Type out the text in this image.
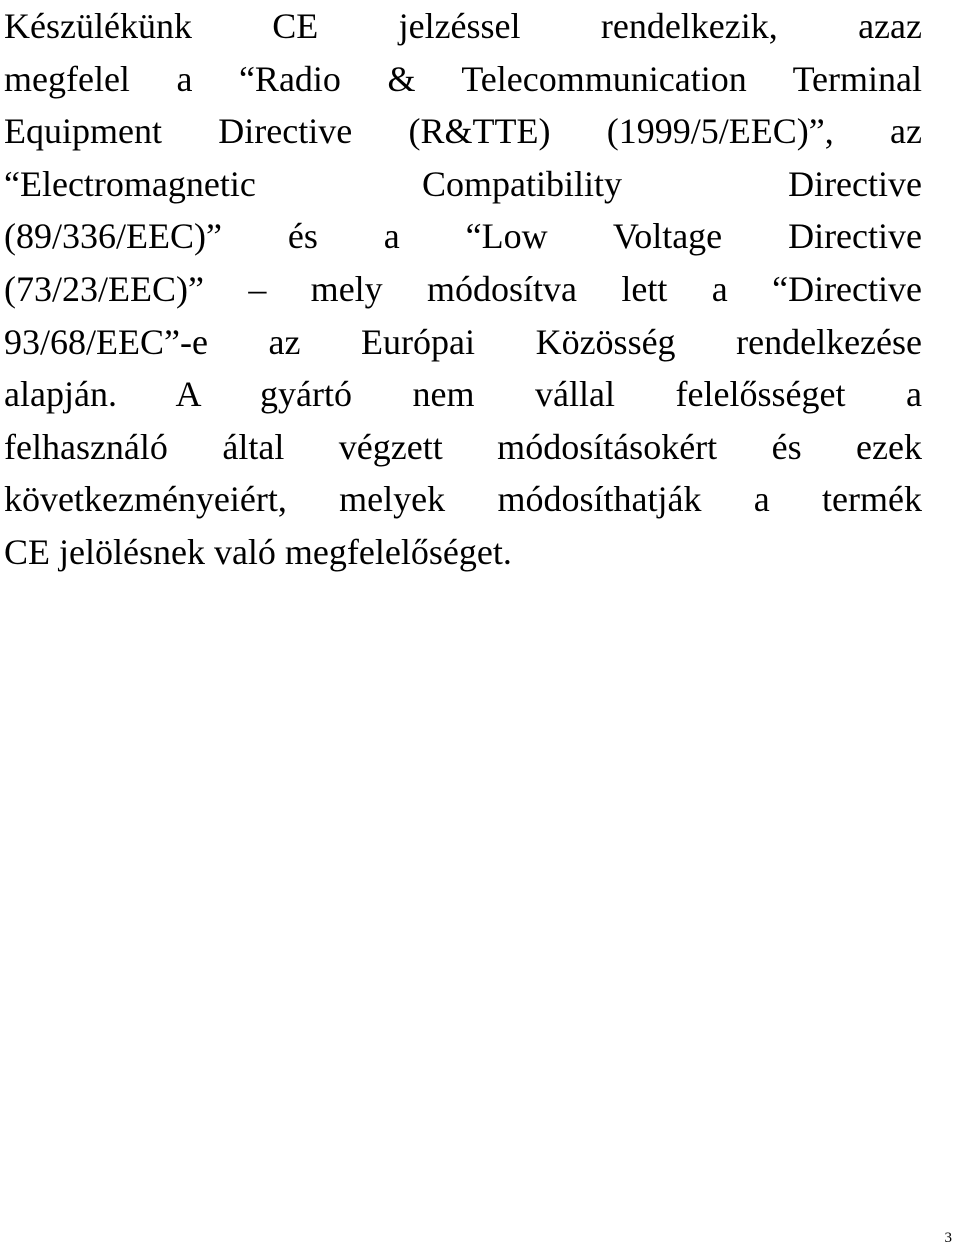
Készülékünk CE jelzéssel rendelkezik, azaz
megfelel a “Radio & Telecommunication Terminal
Equipment Directive (R&TTE) (1999/5/EEC)”, az
“Electromagnetic Compatibility Directive
(89/336/EEC)” és a “Low Voltage Directive
(73/23/EEC)” – mely módosítva lett a “Directive
93/68/EEC”-e az Európai Közösség rendelkezése
alapján. A gyártó nem vállal felelősséget a
felhasználó által végzett módosításokért és ezek
következményeiért, melyek módosíthatják a termék
CE jelölésnek való megfelelőséget.
3
